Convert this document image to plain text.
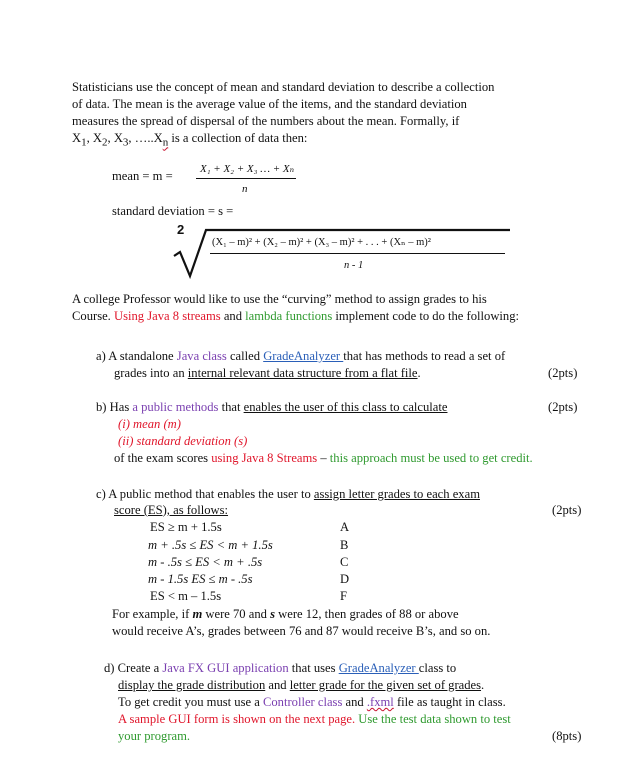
Statisticians use the concept of mean and standard deviation to describe a collection
of data. The mean is the average value of the items, and the standard deviation
measures the spread of dispersal of the numbers about the mean. Formally, if
$X_1$, $X_2$, $X_3$, $\dots..X_n$ is a collection of data then:
mean = m = X₁ + X₂ + X₃ … + Xₙ
n
standard deviation = s =
2
(X₁ – m)² + (X₂ – m)² + (X₃ – m)² + . . . + (Xₙ – m)²
n - 1
A college Professor would like to use the “curving” method to assign grades to his
Course. Using Java 8 streams and lambda functions implement code to do the following:
a) A standalone Java class called GradeAnalyzer that has methods to read a set of
grades into an internal relevant data structure from a flat file.	(2pts)
b) Has a public methods that enables the user of this class to calculate	(2pts)
(i) mean (m)
(ii) standard deviation (s)
of the exam scores using Java 8 Streams – this approach must be used to get credit.
c) A public method that enables the user to assign letter grades to each exam
score (ES), as follows:	(2pts)
ES ≥ m + 1.5s	A
m + .5s ≤ ES < m + 1.5s	B
m - .5s ≤ ES < m + .5s	C
m - 1.5s ES ≤ m - .5s	D
ES < m – 1.5s	F
For example, if m were 70 and s were 12, then grades of 88 or above
would receive A’s, grades between 76 and 87 would receive B’s, and so on.
d) Create a Java FX GUI application that uses GradeAnalyzer class to
display the grade distribution and letter grade for the given set of grades.
To get credit you must use a Controller class and .fxml file as taught in class.
A sample GUI form is shown on the next page. Use the test data shown to test
your program.	(8pts)
